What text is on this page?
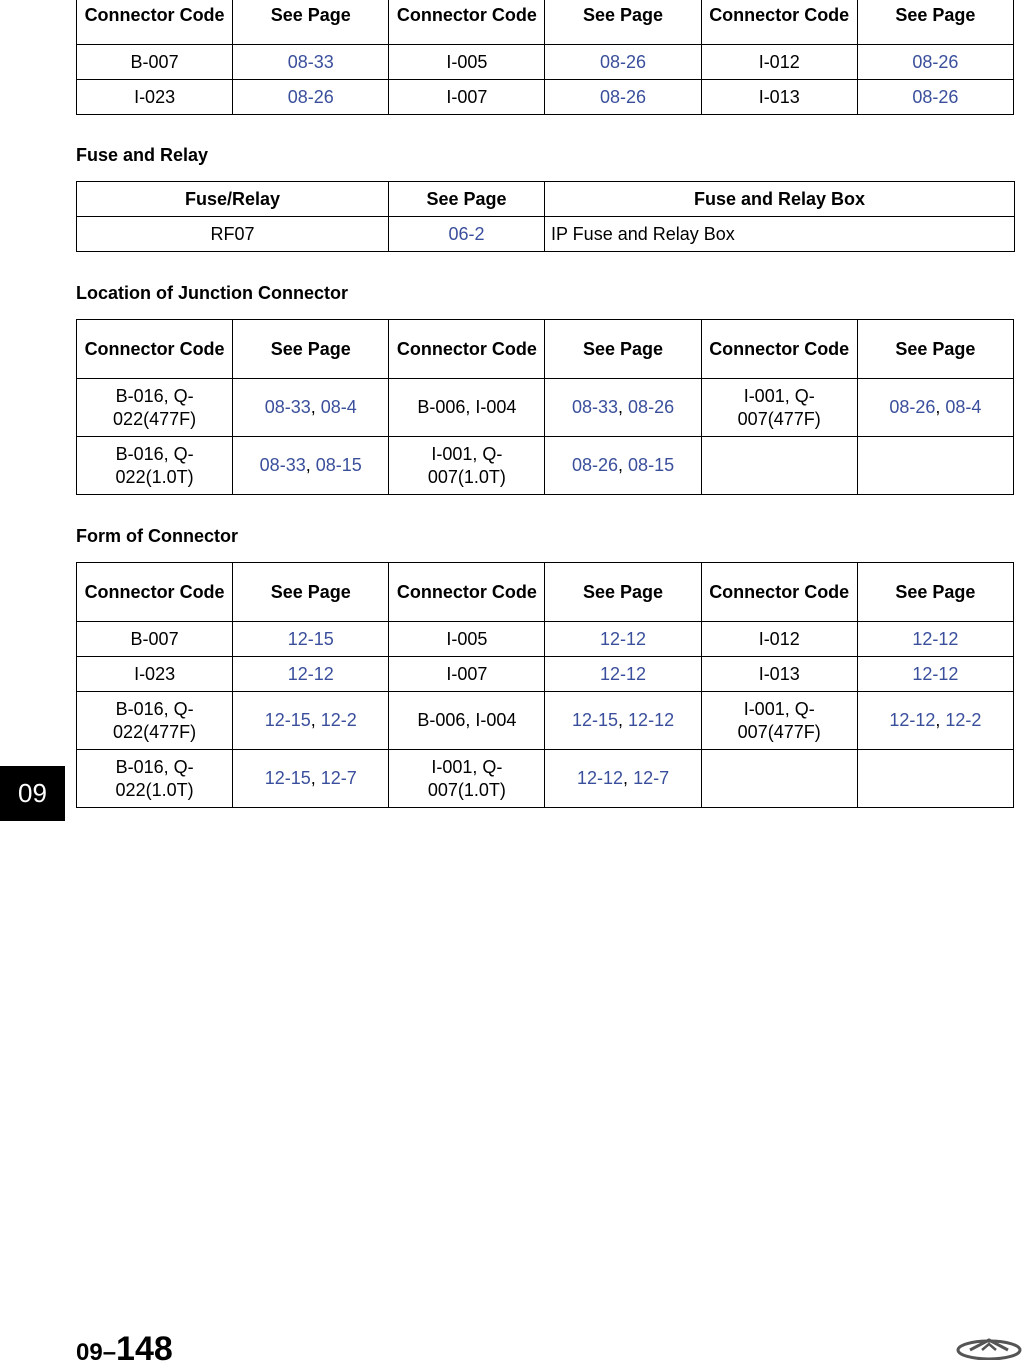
Connector Code	See Page	Connector Code	See Page	Connector Code	See Page
B-007	08-33	I-005	08-26	I-012	08-26
I-023	08-26	I-007	08-26	I-013	08-26
Fuse and Relay
Fuse/Relay	See Page	Fuse and Relay Box
RF07	06-2	IP Fuse and Relay Box
Location of Junction Connector
Connector Code	See Page	Connector Code	See Page	Connector Code	See Page
B-016, Q-022(477F)	08-33, 08-4	B-006, I-004	08-33, 08-26	I-001, Q-007(477F)	08-26, 08-4
B-016, Q-022(1.0T)	08-33, 08-15	I-001, Q-007(1.0T)	08-26, 08-15		
Form of Connector
Connector Code	See Page	Connector Code	See Page	Connector Code	See Page
B-007	12-15	I-005	12-12	I-012	12-12
I-023	12-12	I-007	12-12	I-013	12-12
B-016, Q-022(477F)	12-15, 12-2	B-006, I-004	12-15, 12-12	I-001, Q-007(477F)	12-12, 12-2
B-016, Q-022(1.0T)	12-15, 12-7	I-001, Q-007(1.0T)	12-12, 12-7		
09
09–148
